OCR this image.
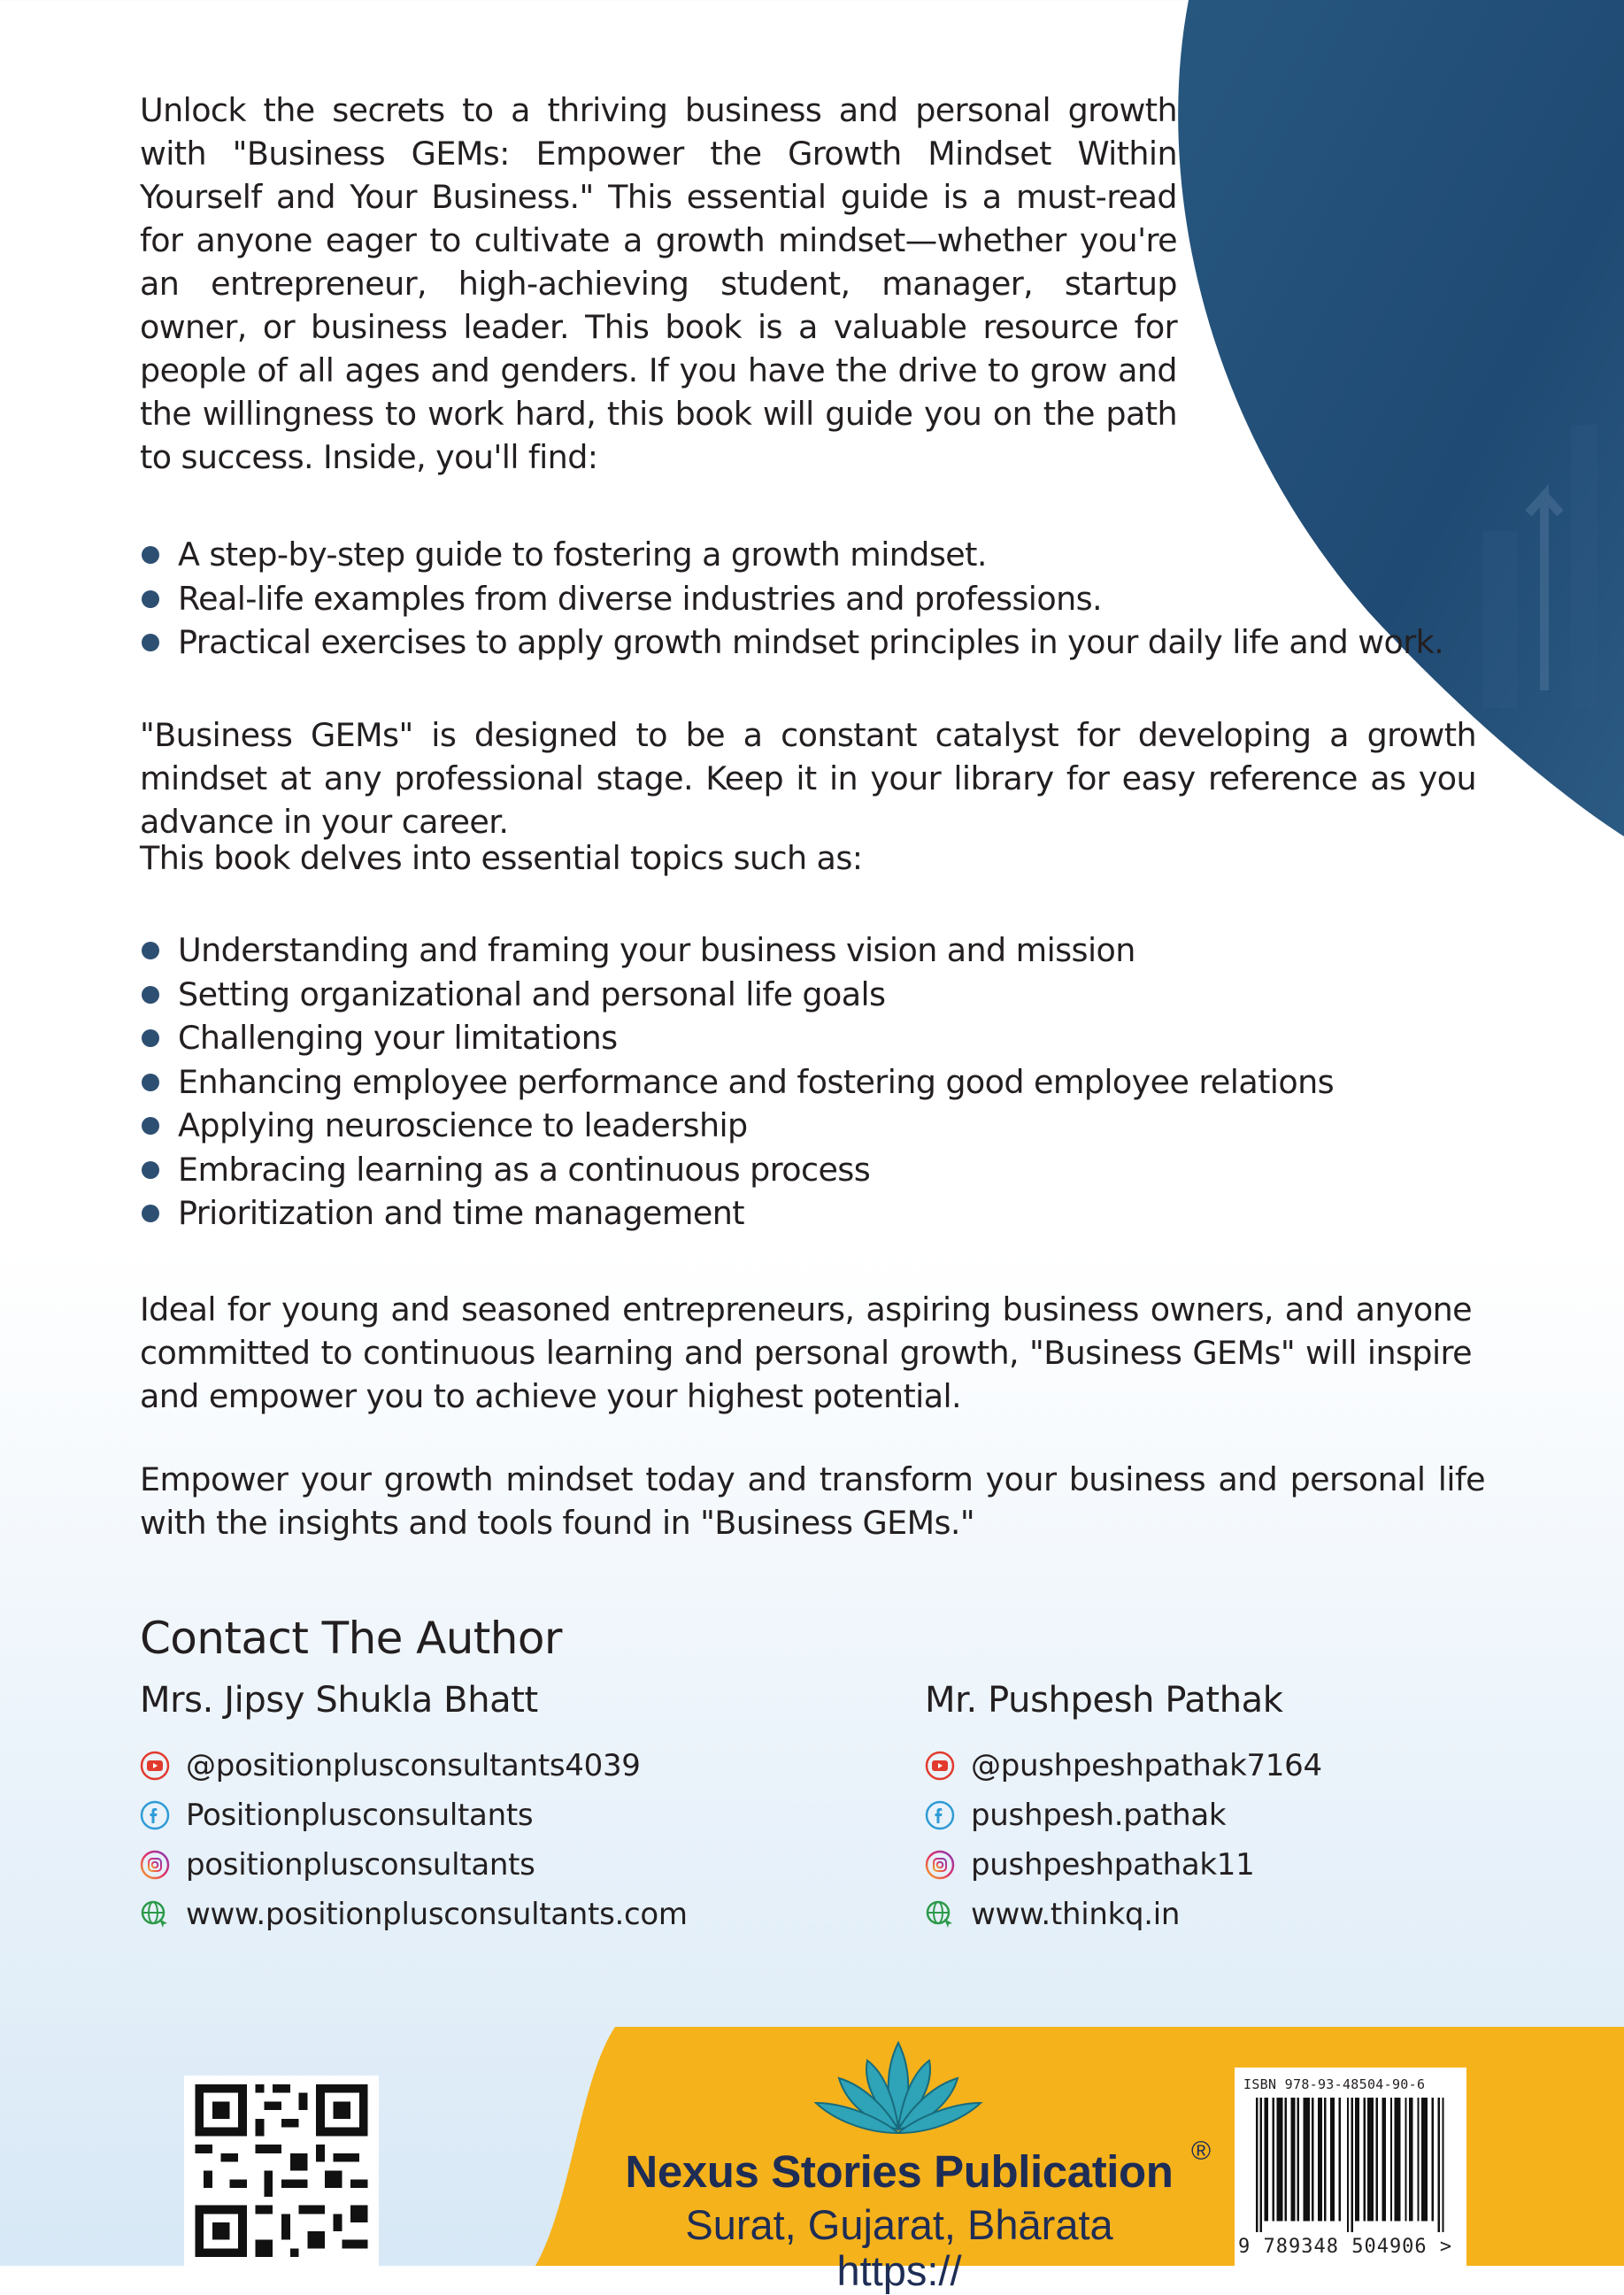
Unlock the secrets to a thriving business and personal growth with "Business GEMs: Empower the Growth Mindset Within Yourself and Your Business." This essential guide is a must-read for anyone eager to cultivate a growth mindset—whether you're an entrepreneur, high-achieving student, manager, startup owner, or business leader. This book is a valuable resource for people of all ages and genders. If you have the drive to grow and the willingness to work hard, this book will guide you on the path to success. Inside, you'll find:

A step-by-step guide to fostering a growth mindset.
Real-life examples from diverse industries and professions.
Practical exercises to apply growth mindset principles in your daily life and work.

"Business GEMs" is designed to be a constant catalyst for developing a growth mindset at any professional stage. Keep it in your library for easy reference as you advance in your career.

This book delves into essential topics such as:

Understanding and framing your business vision and mission
Setting organizational and personal life goals
Challenging your limitations
Enhancing employee performance and fostering good employee relations
Applying neuroscience to leadership
Embracing learning as a continuous process
Prioritization and time management

Ideal for young and seasoned entrepreneurs, aspiring business owners, and anyone committed to continuous learning and personal growth, "Business GEMs" will inspire and empower you to achieve your highest potential.

Empower your growth mindset today and transform your business and personal life with the insights and tools found in "Business GEMs."

Contact The Author
Mrs. Jipsy Shukla Bhatt
@positionplusconsultants4039
Positionplusconsultants
positionplusconsultants
www.positionplusconsultants.com
Mr. Pushpesh Pathak
@pushpeshpathak7164
pushpesh.pathak
pushpeshpathak11
www.thinkq.in
Nexus Stories Publication ®
Surat, Gujarat, Bhārata
https://
ISBN 978-93-48504-90-6
9 789348 504906 >
